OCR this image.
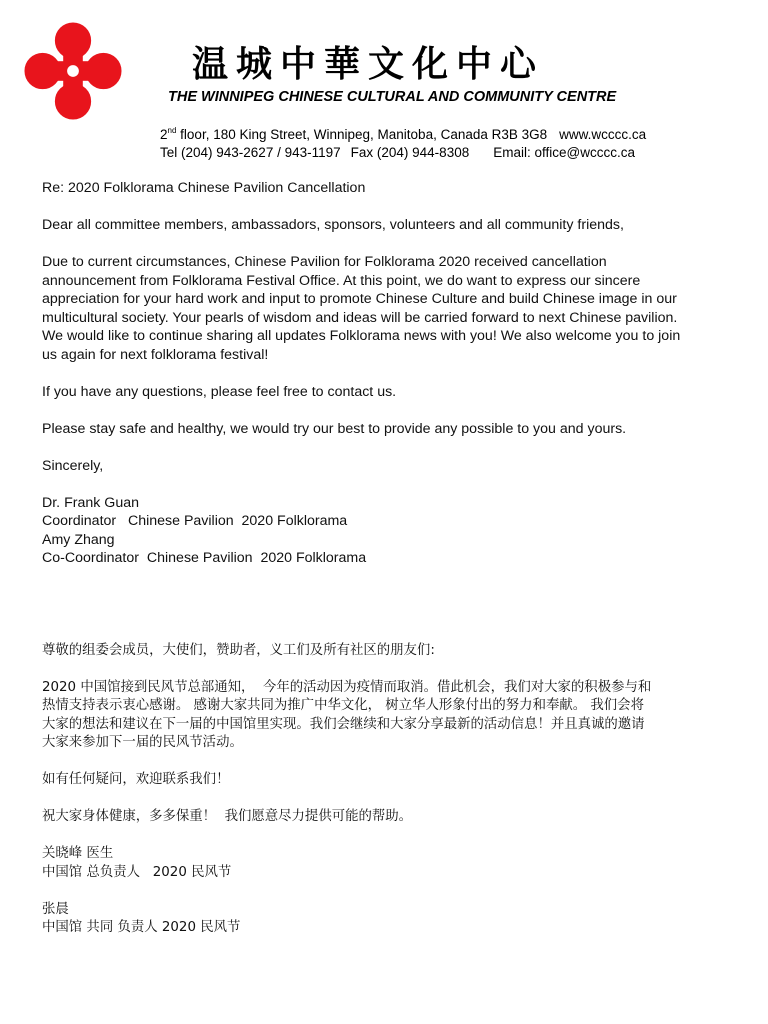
温城中華文化中心
THE WINNIPEG CHINESE CULTURAL AND COMMUNITY CENTRE
2nd floor, 180 King Street, Winnipeg, Manitoba, Canada R3B 3G8 www.wcccc.ca
Tel (204) 943-2627 / 943-1197 Fax (204) 944-8308 Email: office@wcccc.ca

Re: 2020 Folklorama Chinese Pavilion Cancellation

Dear all committee members, ambassadors, sponsors, volunteers and all community friends,

Due to current circumstances, Chinese Pavilion for Folklorama 2020 received cancellation
announcement from Folklorama Festival Office. At this point, we do want to express our sincere
appreciation for your hard work and input to promote Chinese Culture and build Chinese image in our
multicultural society. Your pearls of wisdom and ideas will be carried forward to next Chinese pavilion.
We would like to continue sharing all updates Folklorama news with you! We also welcome you to join
us again for next folklorama festival!

If you have any questions, please feel free to contact us.

Please stay safe and healthy, we would try our best to provide any possible to you and yours.

Sincerely,

Dr. Frank Guan
Coordinator   Chinese Pavilion  2020 Folklorama
Amy Zhang
Co-Coordinator  Chinese Pavilion  2020 Folklorama

尊敬的组委会成员，大使们，赞助者，义工们及所有社区的朋友们:

2020 中国馆接到民风节总部通知，  今年的活动因为疫情而取消。借此机会，我们对大家的积极参与和
热情支持表示衷心感谢。 感谢大家共同为推广中华文化， 树立华人形象付出的努力和奉献。 我们会将
大家的想法和建议在下一届的中国馆里实现。我们会继续和大家分享最新的活动信息！并且真诚的邀请
大家来参加下一届的民风节活动。

如有任何疑问，欢迎联系我们！

祝大家身体健康，多多保重！  我们愿意尽力提供可能的帮助。

关晓峰 医生
中国馆 总负责人   2020 民风节

张晨
中国馆 共同 负责人 2020 民风节
